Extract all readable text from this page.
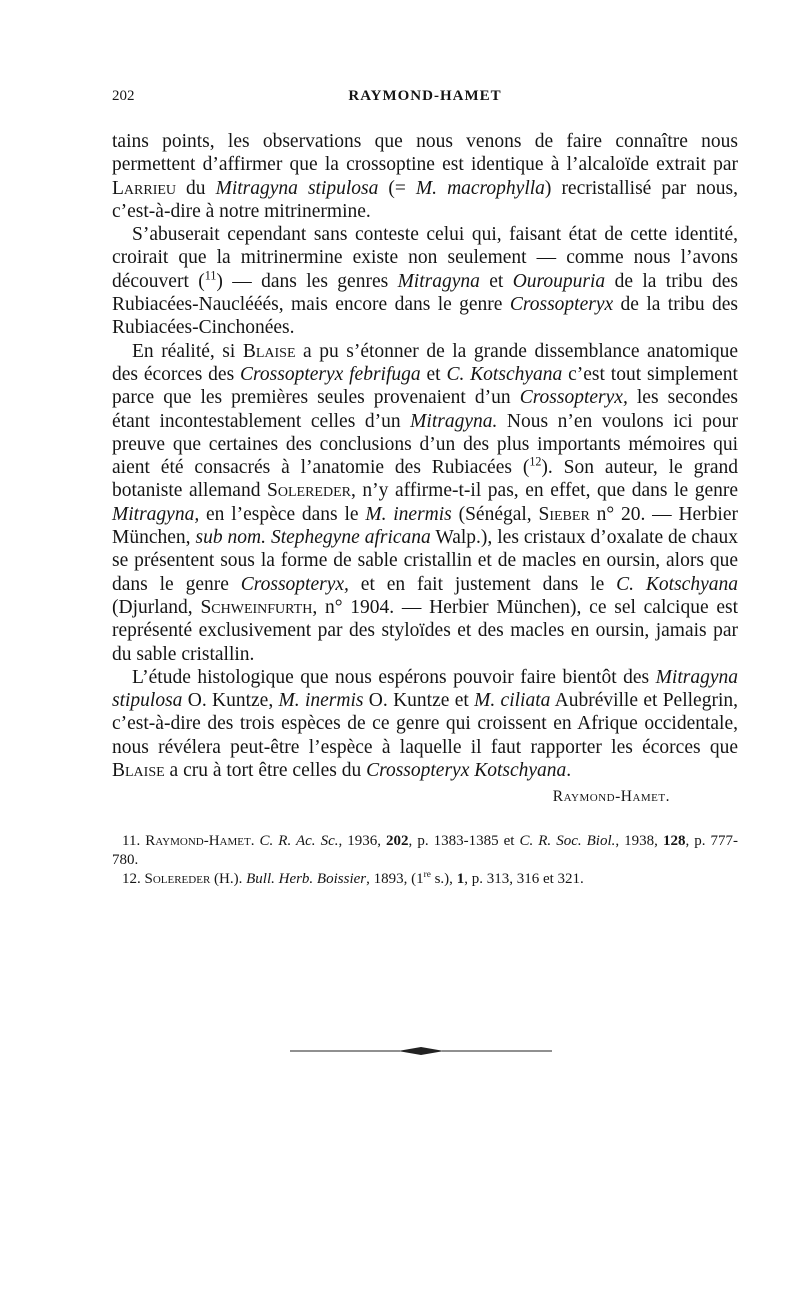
202	RAYMOND-HAMET

tains points, les observations que nous venons de faire connaître nous permettent d’affirmer que la crossoptine est identique à l’alcaloïde extrait par Larrieu du Mitragyna stipulosa (= M. macrophylla) recristallisé par nous, c’est-à-dire à notre mitrinermine.

S’abuserait cependant sans conteste celui qui, faisant état de cette identité, croirait que la mitrinermine existe non seulement — comme nous l’avons découvert ($^{11}$) — dans les genres Mitragyna et Ouroupuria de la tribu des Rubiacées-Nauclééés, mais encore dans le genre Crossopteryx de la tribu des Rubiacées-Cinchonées.

En réalité, si Blaise a pu s’étonner de la grande dissemblance anatomique des écorces des Crossopteryx febrifuga et C. Kotschyana c’est tout simplement parce que les premières seules provenaient d’un Crossopteryx, les secondes étant incontestablement celles d’un Mitragyna. Nous n’en voulons ici pour preuve que certaines des conclusions d’un des plus importants mémoires qui aient été consacrés à l’anatomie des Rubiacées ($^{12}$). Son auteur, le grand botaniste allemand Solereder, n’y affirme-t-il pas, en effet, que dans le genre Mitragyna, en l’espèce dans le M. inermis (Sénégal, Sieber n° 20. — Herbier München, sub nom. Stephegyne africana Walp.), les cristaux d’oxalate de chaux se présentent sous la forme de sable cristallin et de macles en oursin, alors que dans le genre Crossopteryx, et en fait justement dans le C. Kotschyana (Djurland, Schweinfurth, n° 1904. — Herbier München), ce sel calcique est représenté exclusivement par des styloïdes et des macles en oursin, jamais par du sable cristallin.

L’étude histologique que nous espérons pouvoir faire bientôt des Mitragyna stipulosa O. Kuntze, M. inermis O. Kuntze et M. ciliata Aubréville et Pellegrin, c’est-à-dire des trois espèces de ce genre qui croissent en Afrique occidentale, nous révélera peut-être l’espèce à laquelle il faut rapporter les écorces que Blaise a cru à tort être celles du Crossopteryx Kotschyana.

Raymond-Hamet.

11. Raymond-Hamet. C. R. Ac. Sc., 1936, 202, p. 1383-1385 et C. R. Soc. Biol., 1938, 128, p. 777-780.

12. Solereder (H.). Bull. Herb. Boissier, 1893, (1re s.), 1, p. 313, 316 et 321.
